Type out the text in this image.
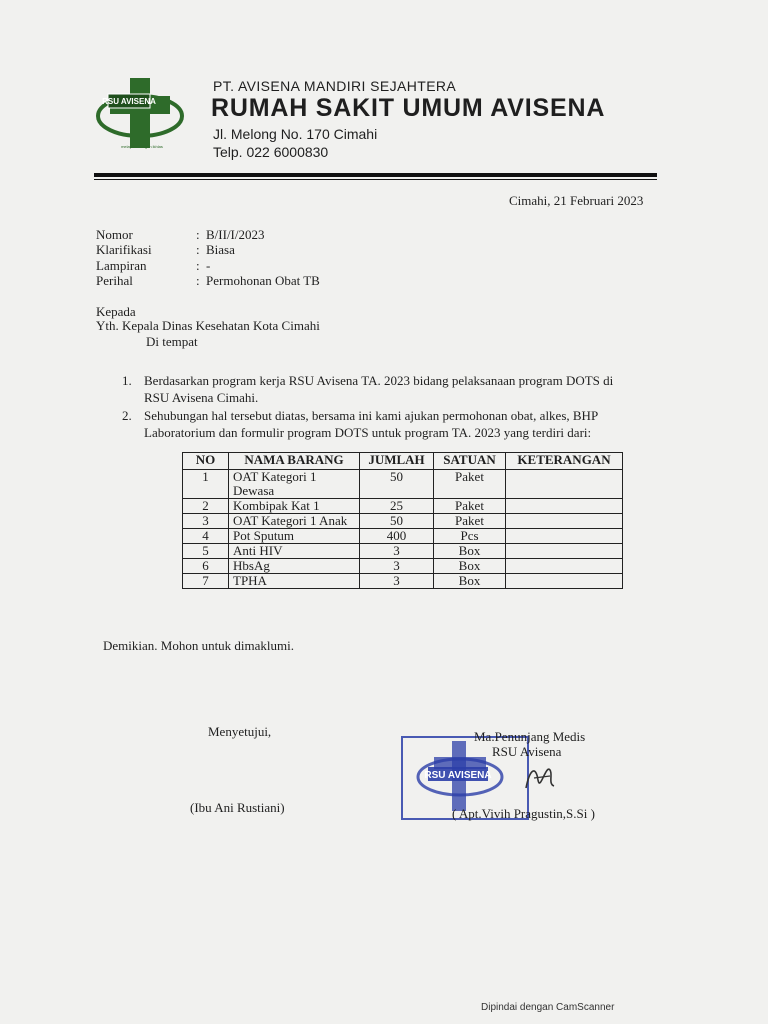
RSU AVISENA
melayani dengan ikhlas
PT. AVISENA MANDIRI SEJAHTERA
RUMAH SAKIT UMUM AVISENA
Jl. Melong No. 170 Cimahi
Telp. 022 6000830
Cimahi, 21 Februari 2023
Nomor	: B/II/I/2023
Klarifikasi	: Biasa
Lampiran	: -
Perihal	: Permohonan Obat TB
Kepada
Yth. Kepala Dinas Kesehatan Kota Cimahi
Di tempat
1. Berdasarkan program kerja RSU Avisena TA. 2023 bidang pelaksanaan program DOTS di
RSU Avisena Cimahi.
2. Sehubungan hal tersebut diatas, bersama ini kami ajukan permohonan obat, alkes, BHP
Laboratorium dan formulir program DOTS untuk program TA. 2023 yang terdiri dari:
NO	NAMA BARANG	JUMLAH	SATUAN	KETERANGAN
1	OAT Kategori 1 Dewasa	50	Paket	
2	Kombipak Kat 1	25	Paket	
3	OAT Kategori 1 Anak	50	Paket	
4	Pot Sputum	400	Pcs	
5	Anti HIV	3	Box	
6	HbsAg	3	Box	
7	TPHA	3	Box	
Demikian. Mohon untuk dimaklumi.
Menyetujui,
(Ibu Ani Rustiani)
RSU AVISENA
Ma.Penunjang Medis
RSU Avisena
( Apt.Vivih Pragustin,S.Si )
Dipindai dengan CamScanner
